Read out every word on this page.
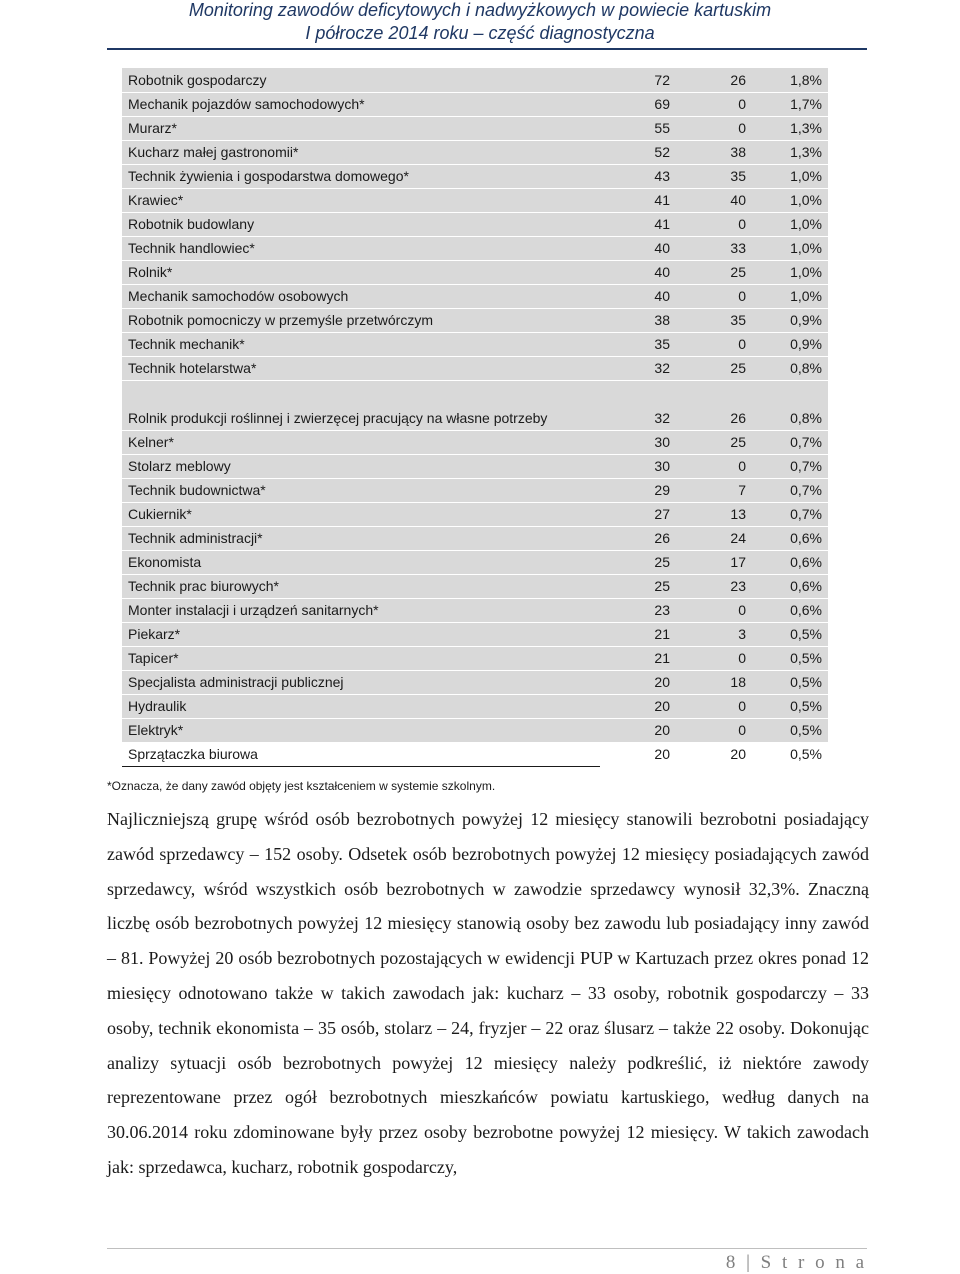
Monitoring zawodów deficytowych i nadwyżkowych w powiecie kartuskim
I półrocze 2014 roku – część diagnostyczna
Robotnik gospodarczy	72	26	1,8%
Mechanik pojazdów samochodowych*	69	0	1,7%
Murarz*	55	0	1,3%
Kucharz małej gastronomii*	52	38	1,3%
Technik żywienia i gospodarstwa domowego*	43	35	1,0%
Krawiec*	41	40	1,0%
Robotnik budowlany	41	0	1,0%
Technik handlowiec*	40	33	1,0%
Rolnik*	40	25	1,0%
Mechanik samochodów osobowych	40	0	1,0%
Robotnik pomocniczy w przemyśle przetwórczym	38	35	0,9%
Technik mechanik*	35	0	0,9%
Technik hotelarstwa*	32	25	0,8%
Rolnik produkcji roślinnej i zwierzęcej pracujący na własne potrzeby	32	26	0,8%
Kelner*	30	25	0,7%
Stolarz meblowy	30	0	0,7%
Technik budownictwa*	29	7	0,7%
Cukiernik*	27	13	0,7%
Technik administracji*	26	24	0,6%
Ekonomista	25	17	0,6%
Technik prac biurowych*	25	23	0,6%
Monter instalacji i urządzeń sanitarnych*	23	0	0,6%
Piekarz*	21	3	0,5%
Tapicer*	21	0	0,5%
Specjalista administracji publicznej	20	18	0,5%
Hydraulik	20	0	0,5%
Elektryk*	20	0	0,5%
Sprzątaczka biurowa	20	20	0,5%
*Oznacza, że dany zawód objęty jest kształceniem w systemie szkolnym.
Najliczniejszą grupę wśród osób bezrobotnych powyżej 12 miesięcy stanowili bezrobotni posiadający zawód sprzedawcy – 152 osoby. Odsetek osób bezrobotnych powyżej 12 miesięcy posiadających zawód sprzedawcy, wśród wszystkich osób bezrobotnych w zawodzie sprzedawcy wynosił 32,3%. Znaczną liczbę osób bezrobotnych powyżej 12 miesięcy stanowią osoby bez zawodu lub posiadający inny zawód – 81. Powyżej 20 osób bezrobotnych pozostających w ewidencji PUP w Kartuzach przez okres ponad 12 miesięcy odnotowano także w takich zawodach jak: kucharz – 33 osoby, robotnik gospodarczy – 33 osoby, technik ekonomista – 35 osób, stolarz – 24, fryzjer – 22 oraz ślusarz – także 22 osoby. Dokonując analizy sytuacji osób bezrobotnych powyżej 12 miesięcy należy podkreślić, iż niektóre zawody reprezentowane przez ogół bezrobotnych mieszkańców powiatu kartuskiego, według danych na 30.06.2014 roku zdominowane były przez osoby bezrobotne powyżej 12 miesięcy. W takich zawodach jak: sprzedawca, kucharz, robotnik gospodarczy,
8 | S t r o n a
